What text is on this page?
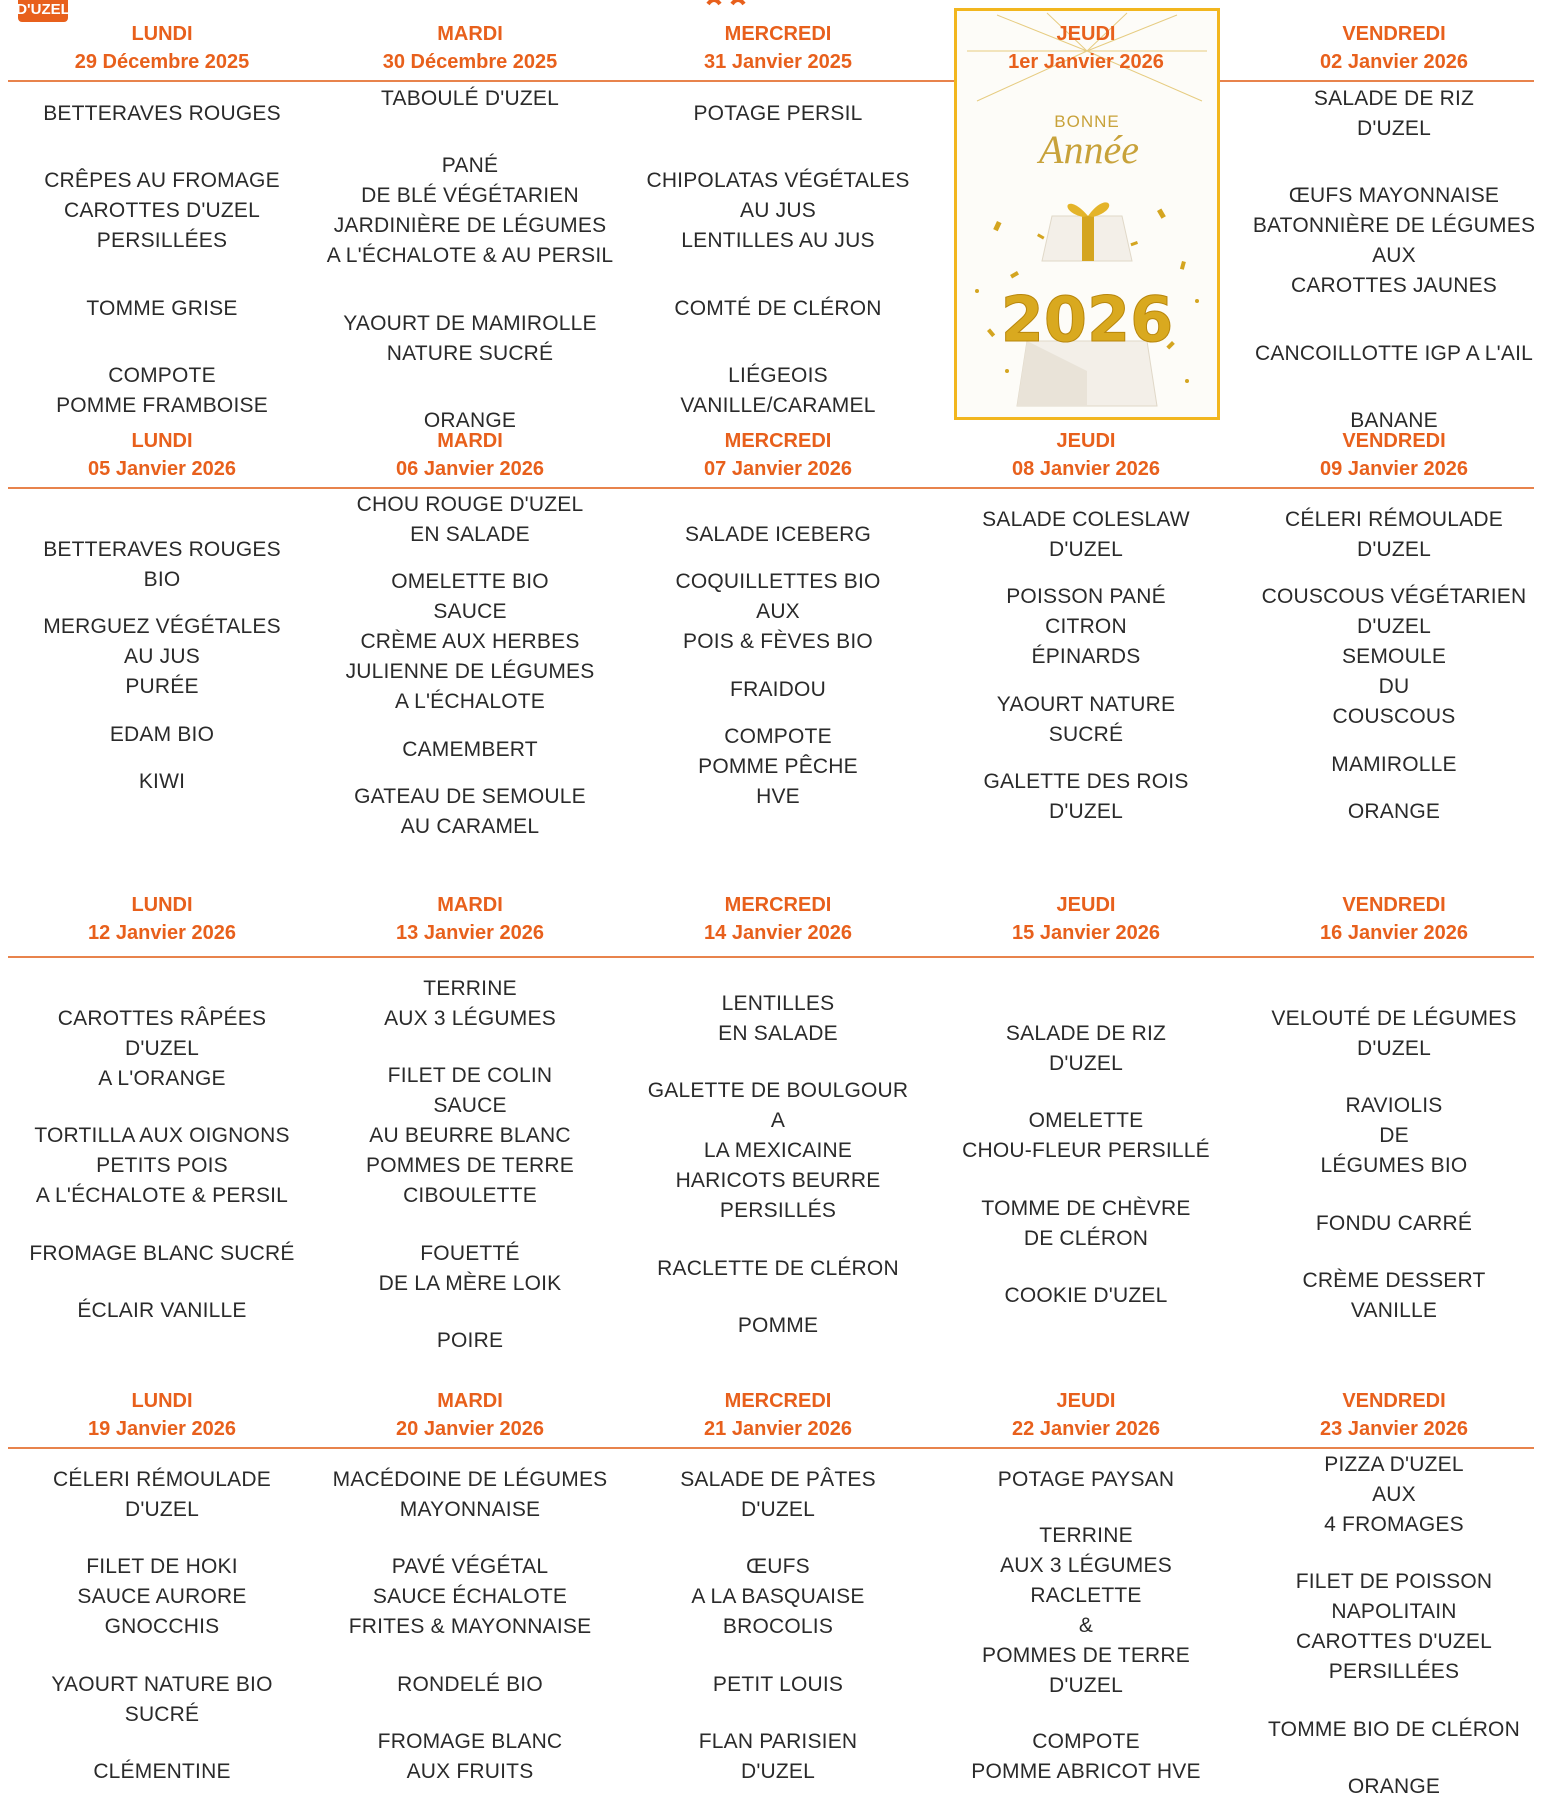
D'UZEL
LUNDI
29 Décembre 2025
MARDI
30 Décembre 2025
MERCREDI
31 Janvier 2025
JEUDI
1er Janvier 2026
VENDREDI
02 Janvier 2026
BETTERAVES ROUGES
CRÊPES AU FROMAGE
CAROTTES D'UZEL
PERSILLÉES
TOMME GRISE
COMPOTE
POMME FRAMBOISE
TABOULÉ D'UZEL
PANÉ
DE BLÉ VÉGÉTARIEN
JARDINIÈRE DE LÉGUMES
A L'ÉCHALOTE & AU PERSIL
YAOURT DE MAMIROLLE
NATURE SUCRÉ
ORANGE
POTAGE PERSIL
CHIPOLATAS VÉGÉTALES
AU JUS
LENTILLES AU JUS
COMTÉ DE CLÉRON
LIÉGEOIS
VANILLE/CARAMEL
SALADE DE RIZ
D'UZEL
ŒUFS MAYONNAISE
BATONNIÈRE DE LÉGUMES
AUX
CAROTTES JAUNES
CANCOILLOTTE IGP A L'AIL
BANANE
BONNE
Année
2026
LUNDI
05 Janvier 2026
MARDI
06 Janvier 2026
MERCREDI
07 Janvier 2026
JEUDI
08 Janvier 2026
VENDREDI
09 Janvier 2026
BETTERAVES ROUGES
BIO
MERGUEZ VÉGÉTALES
AU JUS
PURÉE
EDAM BIO
KIWI
CHOU ROUGE D'UZEL
EN SALADE
OMELETTE BIO
SAUCE
CRÈME AUX HERBES
JULIENNE DE LÉGUMES
A L'ÉCHALOTE
CAMEMBERT
GATEAU DE SEMOULE
AU CARAMEL
SALADE ICEBERG
COQUILLETTES BIO
AUX
POIS & FÈVES BIO
FRAIDOU
COMPOTE
POMME PÊCHE
HVE
SALADE COLESLAW
D'UZEL
POISSON PANÉ
CITRON
ÉPINARDS
YAOURT NATURE
SUCRÉ
GALETTE DES ROIS
D'UZEL
CÉLERI RÉMOULADE
D'UZEL
COUSCOUS VÉGÉTARIEN
D'UZEL
SEMOULE
DU
COUSCOUS
MAMIROLLE
ORANGE
LUNDI
12 Janvier 2026
MARDI
13 Janvier 2026
MERCREDI
14 Janvier 2026
JEUDI
15 Janvier 2026
VENDREDI
16 Janvier 2026
CAROTTES RÂPÉES
D'UZEL
A L'ORANGE
TORTILLA AUX OIGNONS
PETITS POIS
A L'ÉCHALOTE & PERSIL
FROMAGE BLANC SUCRÉ
ÉCLAIR VANILLE
TERRINE
AUX 3 LÉGUMES
FILET DE COLIN
SAUCE
AU BEURRE BLANC
POMMES DE TERRE
CIBOULETTE
FOUETTÉ
DE LA MÈRE LOIK
POIRE
LENTILLES
EN SALADE
GALETTE DE BOULGOUR
A
LA MEXICAINE
HARICOTS BEURRE
PERSILLÉS
RACLETTE DE CLÉRON
POMME
SALADE DE RIZ
D'UZEL
OMELETTE
CHOU-FLEUR PERSILLÉ
TOMME DE CHÈVRE
DE CLÉRON
COOKIE D'UZEL
VELOUTÉ DE LÉGUMES
D'UZEL
RAVIOLIS
DE
LÉGUMES BIO
FONDU CARRÉ
CRÈME DESSERT
VANILLE
LUNDI
19 Janvier 2026
MARDI
20 Janvier 2026
MERCREDI
21 Janvier 2026
JEUDI
22 Janvier 2026
VENDREDI
23 Janvier 2026
CÉLERI RÉMOULADE
D'UZEL
FILET DE HOKI
SAUCE AURORE
GNOCCHIS
YAOURT NATURE BIO
SUCRÉ
CLÉMENTINE
MACÉDOINE DE LÉGUMES
MAYONNAISE
PAVÉ VÉGÉTAL
SAUCE ÉCHALOTE
FRITES & MAYONNAISE
RONDELÉ BIO
FROMAGE BLANC
AUX FRUITS
SALADE DE PÂTES
D'UZEL
ŒUFS
A LA BASQUAISE
BROCOLIS
PETIT LOUIS
FLAN PARISIEN
D'UZEL
POTAGE PAYSAN
TERRINE
AUX 3 LÉGUMES
RACLETTE
&
POMMES DE TERRE
D'UZEL
COMPOTE
POMME ABRICOT HVE
PIZZA D'UZEL
AUX
4 FROMAGES
FILET DE POISSON
NAPOLITAIN
CAROTTES D'UZEL
PERSILLÉES
TOMME BIO DE CLÉRON
ORANGE
